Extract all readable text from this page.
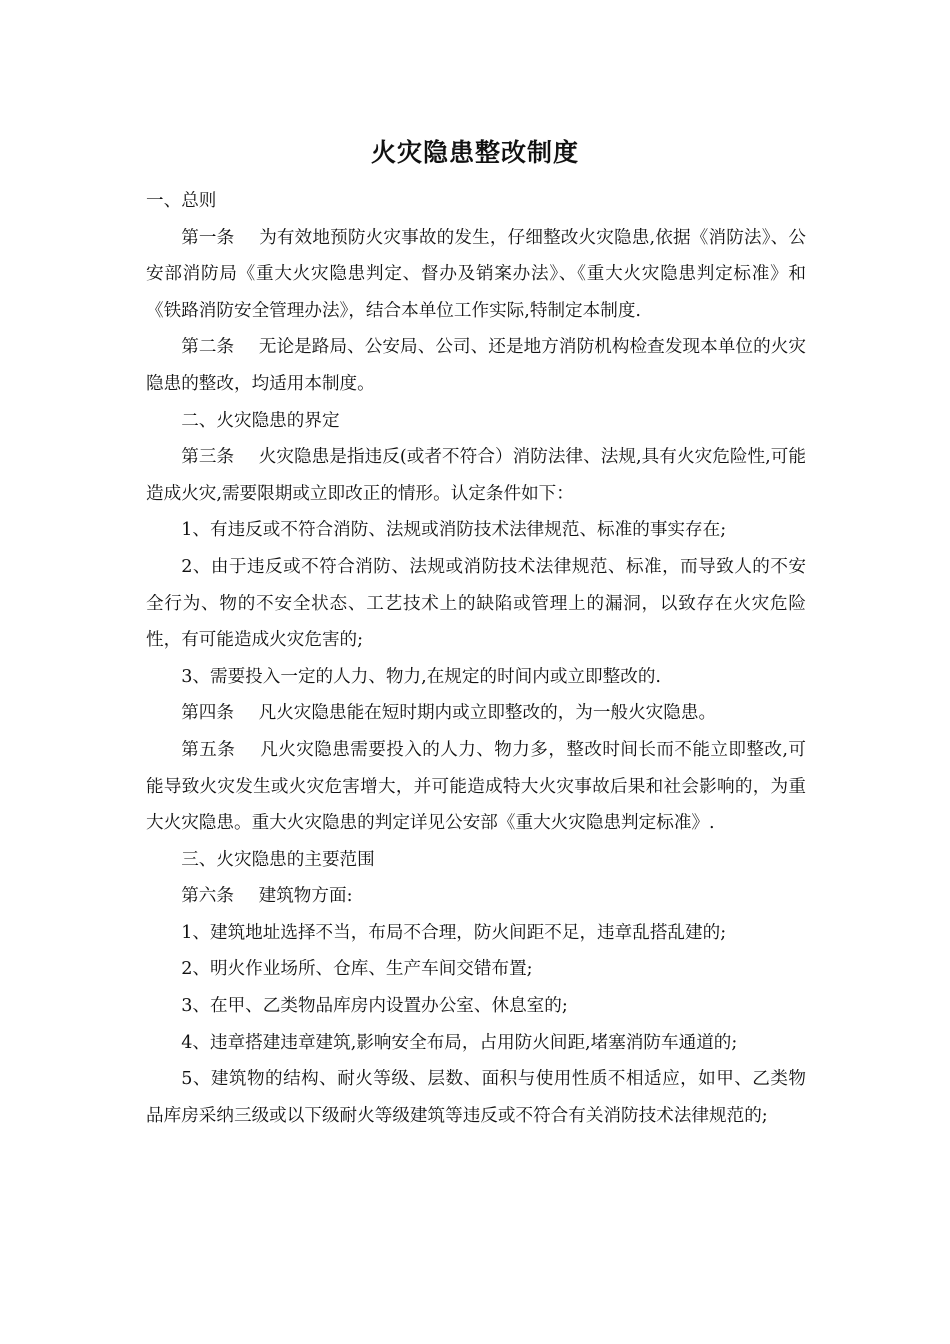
火灾隐患整改制度

一、总则

第一条 为有效地预防火灾事故的发生，仔细整改火灾隐患,依据《消防法》、公安部消防局《重大火灾隐患判定、督办及销案办法》、《重大火灾隐患判定标准》和《铁路消防安全管理办法》，结合本单位工作实际,特制定本制度.

第二条 无论是路局、公安局、公司、还是地方消防机构检查发现本单位的火灾隐患的整改，均适用本制度。

二、火灾隐患的界定

第三条 火灾隐患是指违反(或者不符合）消防法律、法规,具有火灾危险性,可能造成火灾,需要限期或立即改正的情形。认定条件如下：

1、有违反或不符合消防、法规或消防技术法律规范、标准的事实存在;

2、由于违反或不符合消防、法规或消防技术法律规范、标准，而导致人的不安全行为、物的不安全状态、工艺技术上的缺陷或管理上的漏洞，以致存在火灾危险性，有可能造成火灾危害的;

3、需要投入一定的人力、物力,在规定的时间内或立即整改的.

第四条 凡火灾隐患能在短时期内或立即整改的，为一般火灾隐患。

第五条 凡火灾隐患需要投入的人力、物力多，整改时间长而不能立即整改,可能导致火灾发生或火灾危害增大，并可能造成特大火灾事故后果和社会影响的，为重大火灾隐患。重大火灾隐患的判定详见公安部《重大火灾隐患判定标准》.

三、火灾隐患的主要范围

第六条 建筑物方面:

1、建筑地址选择不当，布局不合理，防火间距不足，违章乱搭乱建的;

2、明火作业场所、仓库、生产车间交错布置;

3、在甲、乙类物品库房内设置办公室、休息室的;

4、违章搭建违章建筑,影响安全布局，占用防火间距,堵塞消防车通道的;

5、建筑物的结构、耐火等级、层数、面积与使用性质不相适应，如甲、乙类物品库房采纳三级或以下级耐火等级建筑等违反或不符合有关消防技术法律规范的;
